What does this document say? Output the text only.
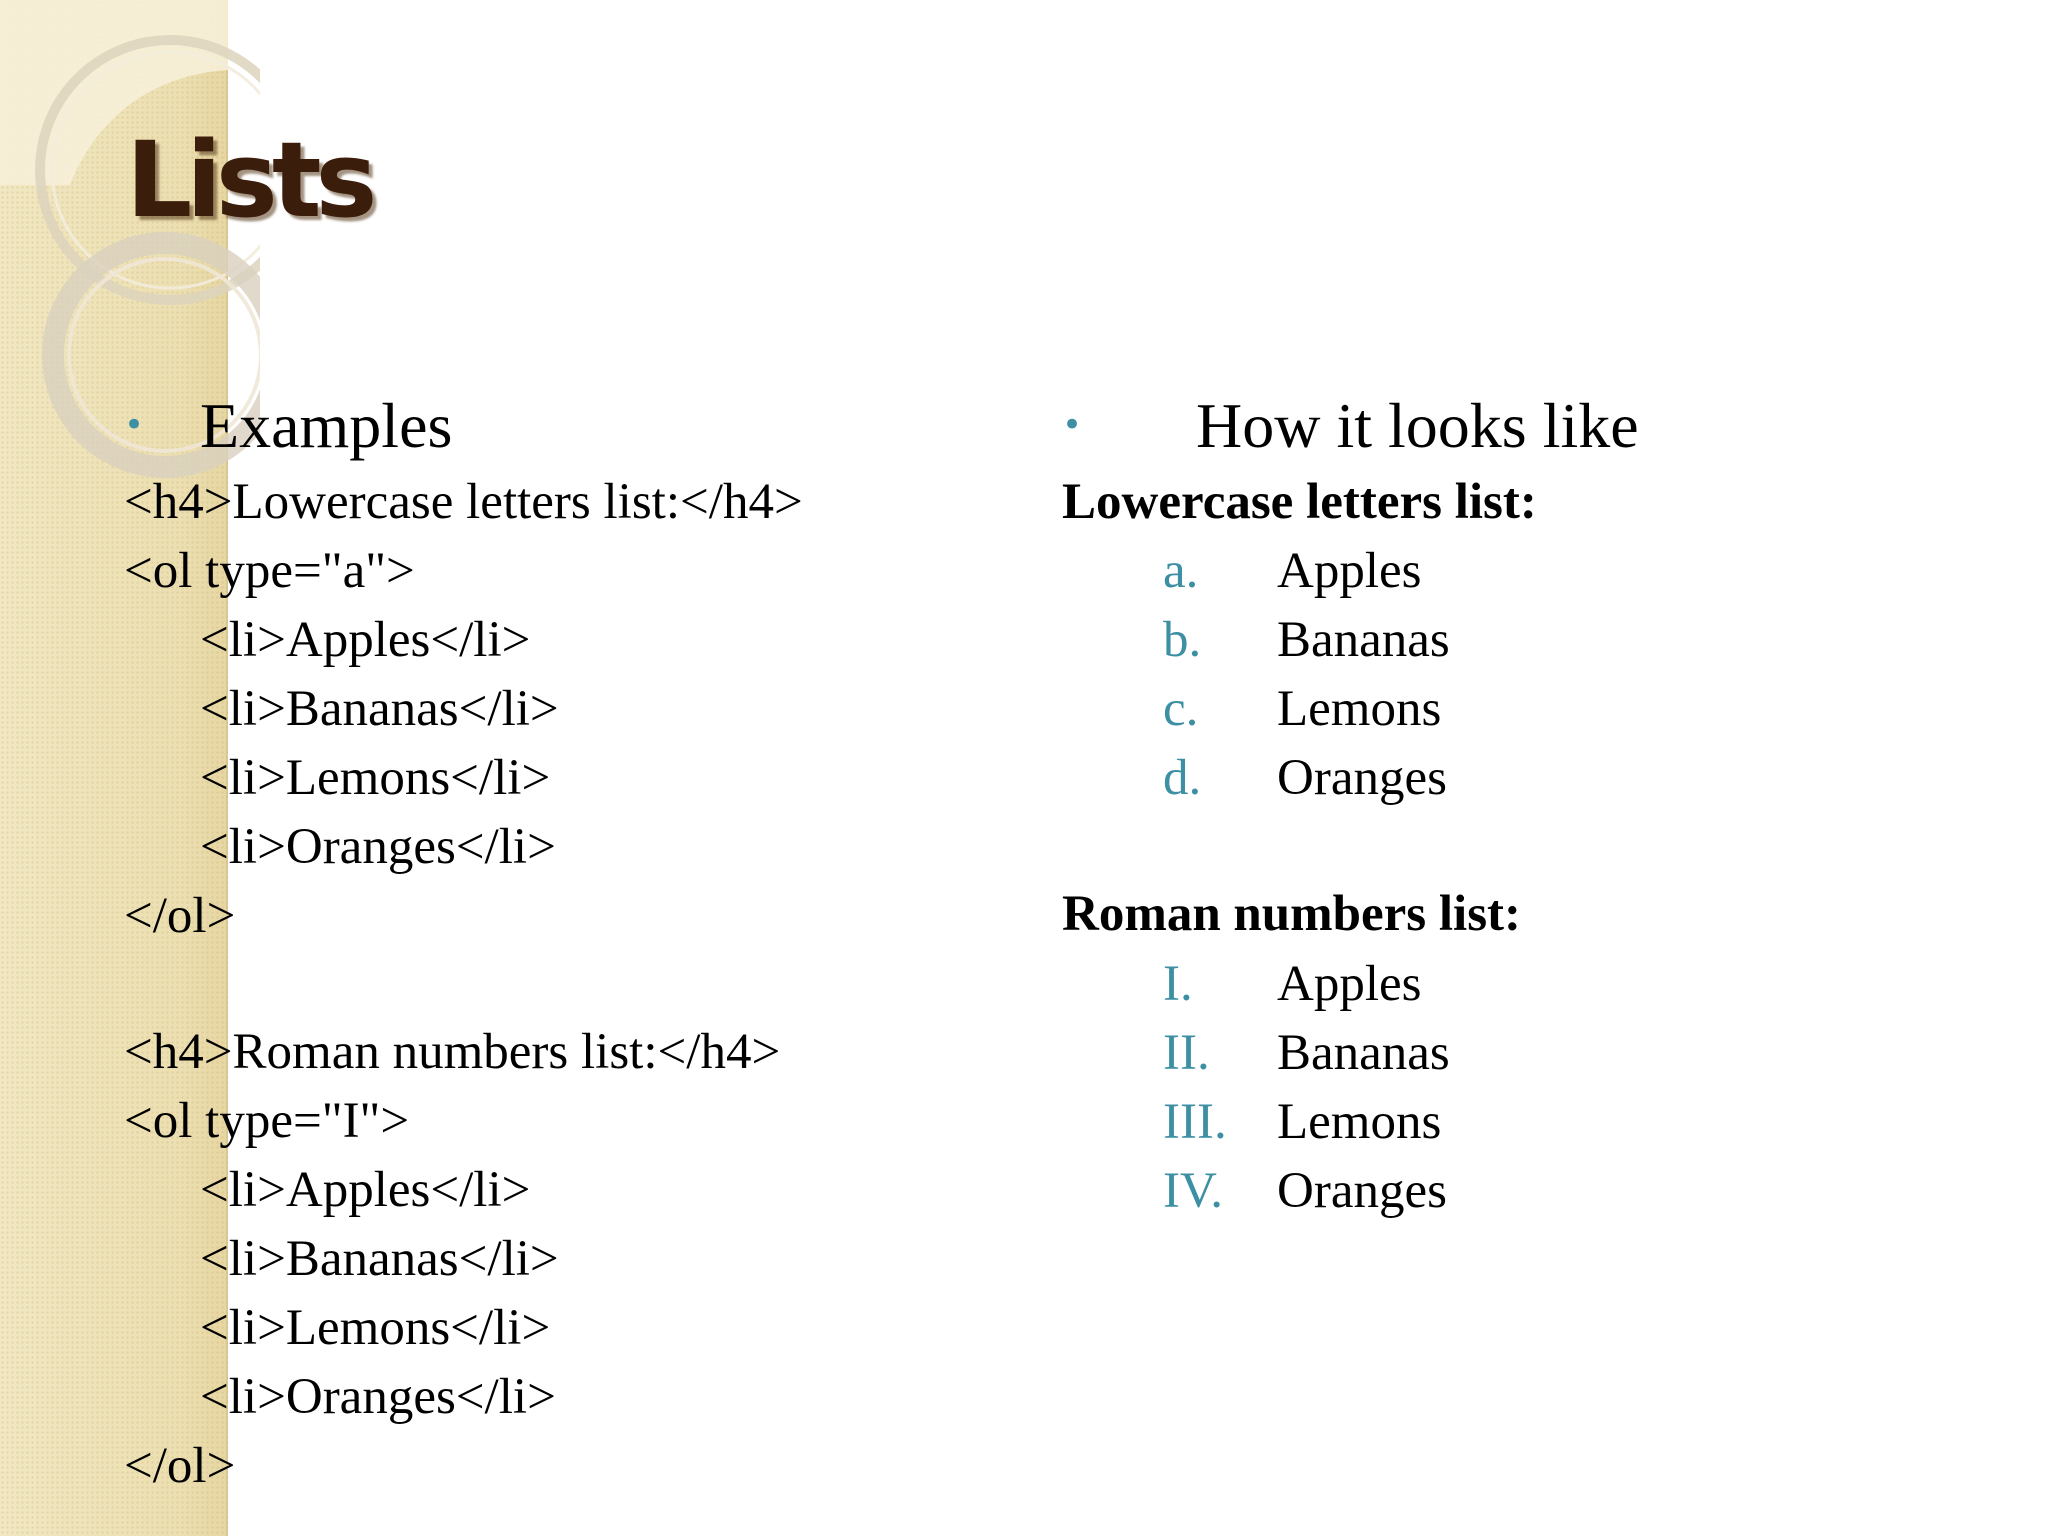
Lists
• Examples
<h4>Lowercase letters list:</h4>
<ol type="a">
<li>Apples</li>
<li>Bananas</li>
<li>Lemons</li>
<li>Oranges</li>
</ol>
<h4>Roman numbers list:</h4>
<ol type="I">
<li>Apples</li>
<li>Bananas</li>
<li>Lemons</li>
<li>Oranges</li>
</ol>
• How it looks like
Lowercase letters list:
a. Apples
b. Bananas
c. Lemons
d. Oranges
Roman numbers list:
I. Apples
II. Bananas
III. Lemons
IV. Oranges
